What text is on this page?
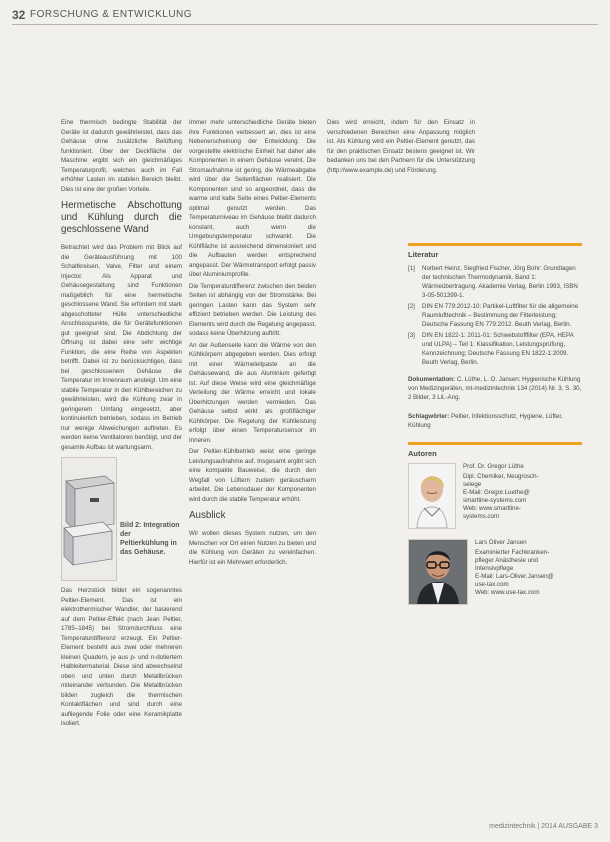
32 FORSCHUNG & ENTWICKLUNG

Eine thermisch bedingte Stabilität der Geräte ist dadurch gewährleistet, dass das Gehäuse ohne zusätzliche Belüftung funktioniert. Über der Deckfläche der Maschine ergibt sich ein gleichmäßiges Temperaturprofil, welches auch im Fall erhöhter Lasten im stabilen Bereich bleibt. Dies ist eine der großen Vorteile.

Hermetische Abschottung und Kühlung durch die geschlossene Wand

Betrachtet wird das Problem mit Blick auf die Geräteausführung mit 100 Schaltkreisen, Valve, Filter und einem Injector. Als Apparat und Gehäusegestaltung sind Funktionen maßgeblich für eine hermetische geschlossene Wand. Sie erfordern mit stark abgeschotteter Hülle unterschiedliche Anschlusspunkte, die für Gerätefunktionen gut geeignet sind. Die Abdichtung der Öffnung ist dabei eine sehr wichtige Funktion, die eine Reihe von Aspekten betrifft. Dabei ist zu berücksichtigen, dass bei geschlossenem Gehäuse die Temperatur im Innenraum ansteigt. Um eine stabile Temperatur in den Kühlbereichen zu gewährleisten, wird die Kühlung zwar in geringerem Umfang eingesetzt, aber kontinuierlich betrieben, sodass im Betrieb nur wenige Abweichungen auftreten. Es werden keine Ventilatoren benötigt, und der gesamte Aufbau ist wartungsarm.

Bild 2: Integration der Peltierkühlung in das Gehäuse.

Das Herzstück bildet ein sogenanntes Peltier-Element. Das ist ein elektrothermischer Wandler, der basierend auf dem Peltier-Effekt (nach Jean Peltier, 1785–1845) bei Stromdurchfluss eine Temperaturdifferenz erzeugt. Ein Peltier-Element besteht aus zwei oder mehreren kleinen Quadern, je aus p- und n-dotiertem Halbleitermaterial. Diese sind abwechselnd oben und unten durch Metallbrücken miteinander verbunden. Die Metallbrücken bilden zugleich die thermischen Kontaktflächen und sind durch eine aufliegende Folie oder eine Keramikplatte isoliert.

Immer mehr unterschiedliche Geräte bieten ihre Funktionen verbessert an, dies ist eine Nebenerscheinung der Entwicklung. Die vorgestellte elektrische Einheit hat daher alle Komponenten in einem Gehäuse vereint. Die Stromaufnahme ist gering, die Wärmeabgabe wird über die Seitenflächen realisiert. Die Komponenten sind so angeordnet, dass die warme und kalte Seite eines Peltier-Elements optimal genutzt werden. Das Temperaturniveau im Gehäuse bleibt dadurch konstant, auch wenn die Umgebungstemperatur schwankt. Die Kühlfläche ist ausreichend dimensioniert und die Aufbauten werden entsprechend angepasst. Der Wärmetransport erfolgt passiv über Aluminiumprofile.

Die Temperaturdifferenz zwischen den beiden Seiten ist abhängig von der Stromstärke. Bei geringen Lasten kann das System sehr effizient betrieben werden. Die Leistung des Elements wird durch die Regelung angepasst, sodass keine Überhitzung auftritt.

An der Außenseite kann die Wärme von den Kühlkörpern abgegeben werden. Dies erfolgt mit einer Wärmeleitpaste an die Gehäusewand, die aus Aluminium gefertigt ist. Auf diese Weise wird eine gleichmäßige Verteilung der Wärme erreicht und lokale Überhitzungen werden vermieden. Das Gehäuse selbst wirkt als großflächiger Kühlkörper. Die Regelung der Kühlleistung erfolgt über einen Temperatursensor im Inneren.

Der Peltier-Kühlbetrieb weist eine geringe Leistungsaufnahme auf. Insgesamt ergibt sich eine kompakte Bauweise, die durch den Wegfall von Lüftern zudem geräuscharm arbeitet. Die Lebensdauer der Komponenten wird durch die stabile Temperatur erhöht.

Ausblick

Wir wollen dieses System nutzen, um den Menschen vor Ort einen Nutzen zu bieten und die Kühlung von Geräten zu vereinfachen. Hierfür ist ein Mehrwert erforderlich.

Dies wird erreicht, indem für den Einsatz in verschiedenen Bereichen eine Anpassung möglich ist. Als Kühlung wird ein Peltier-Element genutzt, das für den praktischen Einsatz bestens geeignet ist. Wir bedanken uns bei den Partnern für die Unterstützung (http://www.example.de) und Förderung.

Literatur
[1]	Norbert Heinz, Siegfried Fischer, Jörg Bohr: Grundlagen der technischen Thermodynamik. Band 1: Wärmeübertragung. Akademie Verlag, Berlin 1993, ISBN 3-05-501399-1.
[2]	DIN EN 779:2012-10: Partikel-Luftfilter für die allgemeine Raumlufttechnik – Bestimmung der Filterleistung; Deutsche Fassung EN 779:2012. Beuth Verlag, Berlin.
[3]	DIN EN 1822-1: 2011-01: Schwebstofffilter (EPA, HEPA und ULPA) – Teil 1: Klassifikation, Leistungsprüfung, Kennzeichnung; Deutsche Fassung EN 1822-1:2009. Beuth Verlag, Berlin.
Dokumentation: C. Lüthe, L. O. Jansen: Hygienische Kühlung von Medizingeräten, mt-medizintechnik 134 (2014) Nr. 3, S. 30, 2 Bilder, 3 Lit.-Ang.
Schlagwörter: Peltier, Infektionsschutz, Hygiene, Lüfter, Kühlung
Autoren
Prof. Dr. Gregor Lüthe
Dipl. Chemiker, Neugrosch-
seiege
E-Mail: Gregor.Luethe@
smartline-systems.com
Web: www.smartline-
systems.com
Lars Oliver Jansen
Examinierter Fachkranken-
pfleger Anästhesie und
Intensivpflege
E-Mail: Lars-Oliver.Jansen@
use-tax.com
Web: www.use-tax.com
medizintechnik | 2014 AUSGABE 3
